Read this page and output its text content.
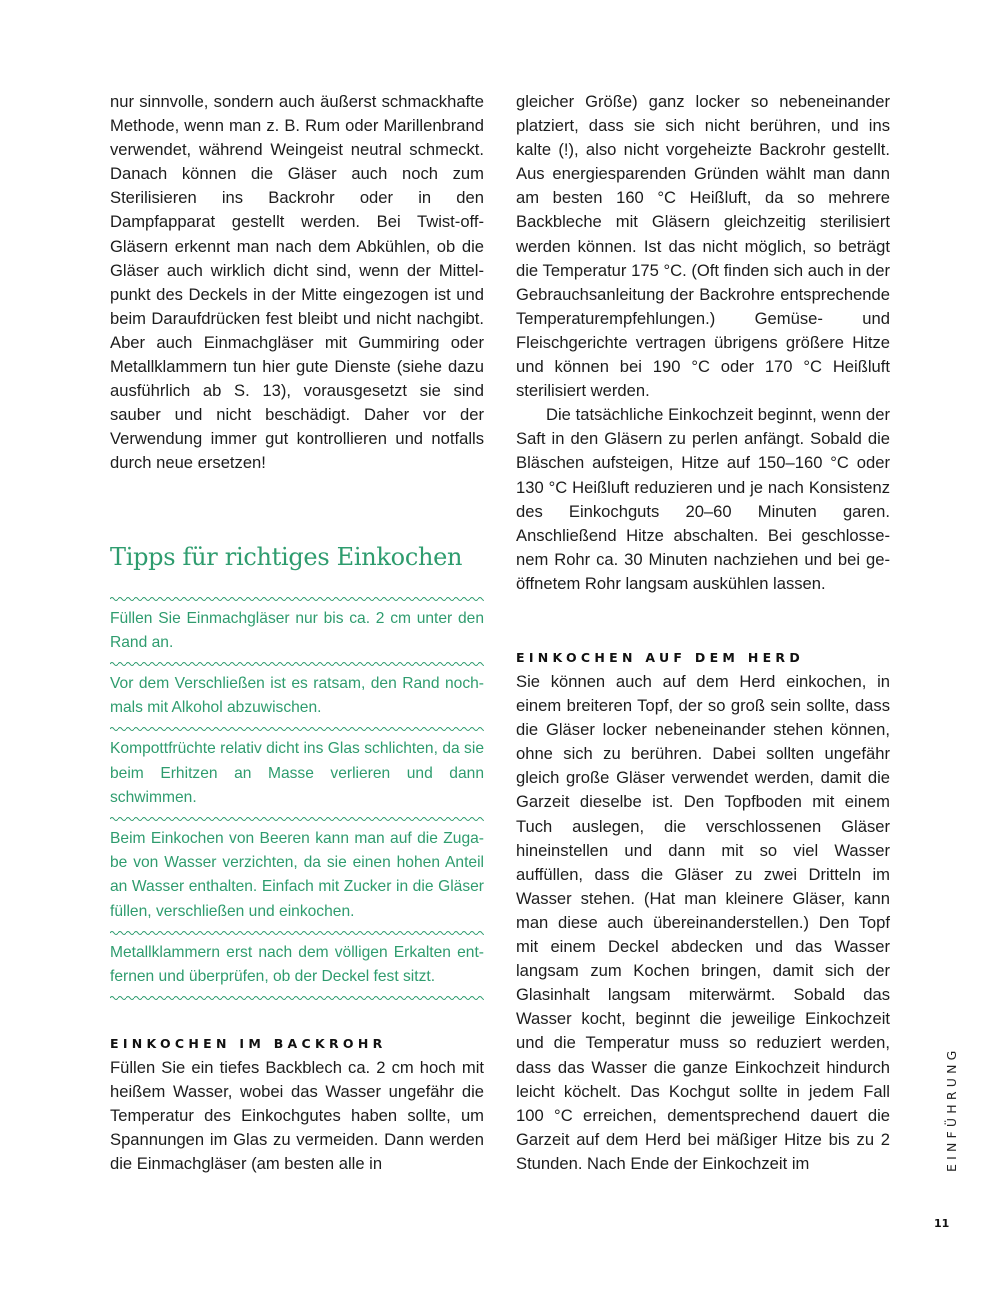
nur sinnvolle, sondern auch äußerst schmackhafte Methode, wenn man z. B. Rum oder Marillenbrand verwendet, während Weingeist neutral schmeckt. Danach können die Gläser auch noch zum Sterilisieren ins Backrohr oder in den Dampfapparat gestellt werden. Bei Twist-off-Gläsern erkennt man nach dem Abkühlen, ob die Gläser auch wirklich dicht sind, wenn der Mittelpunkt des Deckels in der Mitte eingezogen ist und beim Daraufdrücken fest bleibt und nicht nachgibt. Aber auch Einmachgläser mit Gummiring oder Metallklammern tun hier gute Dienste (siehe dazu ausführlich ab S. 13), vorausgesetzt sie sind sauber und nicht beschädigt. Daher vor der Verwendung immer gut kontrollieren und notfalls durch neue ersetzen!

Tipps für richtiges Einkochen

Füllen Sie Einmachgläser nur bis ca. 2 cm unter den Rand an.

Vor dem Verschließen ist es ratsam, den Rand nochmals mit Alkohol abzuwischen.

Kompottfrüchte relativ dicht ins Glas schlichten, da sie beim Erhitzen an Masse verlieren und dann schwimmen.

Beim Einkochen von Beeren kann man auf die Zugabe von Wasser verzichten, da sie einen hohen Anteil an Wasser enthalten. Einfach mit Zucker in die Gläser füllen, verschließen und einkochen.

Metallklammern erst nach dem völligen Erkalten entfernen und überprüfen, ob der Deckel fest sitzt.

EINKOCHEN IM BACKROHR

Füllen Sie ein tiefes Backblech ca. 2 cm hoch mit heißem Wasser, wobei das Wasser ungefähr die Temperatur des Einkochgutes haben sollte, um Spannungen im Glas zu vermeiden. Dann werden die Einmachgläser (am besten alle in

gleicher Größe) ganz locker so nebeneinander platziert, dass sie sich nicht berühren, und ins kalte (!), also nicht vorgeheizte Backrohr gestellt. Aus energiesparenden Gründen wählt man dann am besten 160 °C Heißluft, da so mehrere Backbleche mit Gläsern gleichzeitig sterilisiert werden können. Ist das nicht möglich, so beträgt die Temperatur 175 °C. (Oft finden sich auch in der Gebrauchsanleitung der Backrohre entsprechende Temperaturempfehlungen.) Gemüse- und Fleischgerichte vertragen übrigens größere Hitze und können bei 190 °C oder 170 °C Heißluft sterilisiert werden.

Die tatsächliche Einkochzeit beginnt, wenn der Saft in den Gläsern zu perlen anfängt. Sobald die Bläschen aufsteigen, Hitze auf 150–160 °C oder 130 °C Heißluft reduzieren und je nach Konsistenz des Einkochguts 20–60 Minuten garen. Anschließend Hitze abschalten. Bei geschlossenem Rohr ca. 30 Minuten nachziehen und bei geöffnetem Rohr langsam auskühlen lassen.

EINKOCHEN AUF DEM HERD

Sie können auch auf dem Herd einkochen, in einem breiteren Topf, der so groß sein sollte, dass die Gläser locker nebeneinander stehen können, ohne sich zu berühren. Dabei sollten ungefähr gleich große Gläser verwendet werden, damit die Garzeit dieselbe ist. Den Topfboden mit einem Tuch auslegen, die verschlossenen Gläser hineinstellen und dann mit so viel Wasser auffüllen, dass die Gläser zu zwei Dritteln im Wasser stehen. (Hat man kleinere Gläser, kann man diese auch übereinanderstellen.) Den Topf mit einem Deckel abdecken und das Wasser langsam zum Kochen bringen, damit sich der Glasinhalt langsam miterwärmt. Sobald das Wasser kocht, beginnt die jeweilige Einkochzeit und die Temperatur muss so reduziert werden, dass das Wasser die ganze Einkochzeit hindurch leicht köchelt. Das Kochgut sollte in jedem Fall 100 °C erreichen, dementsprechend dauert die Garzeit auf dem Herd bei mäßiger Hitze bis zu 2 Stunden. Nach Ende der Einkochzeit im	EINFÜHRUNG
11
